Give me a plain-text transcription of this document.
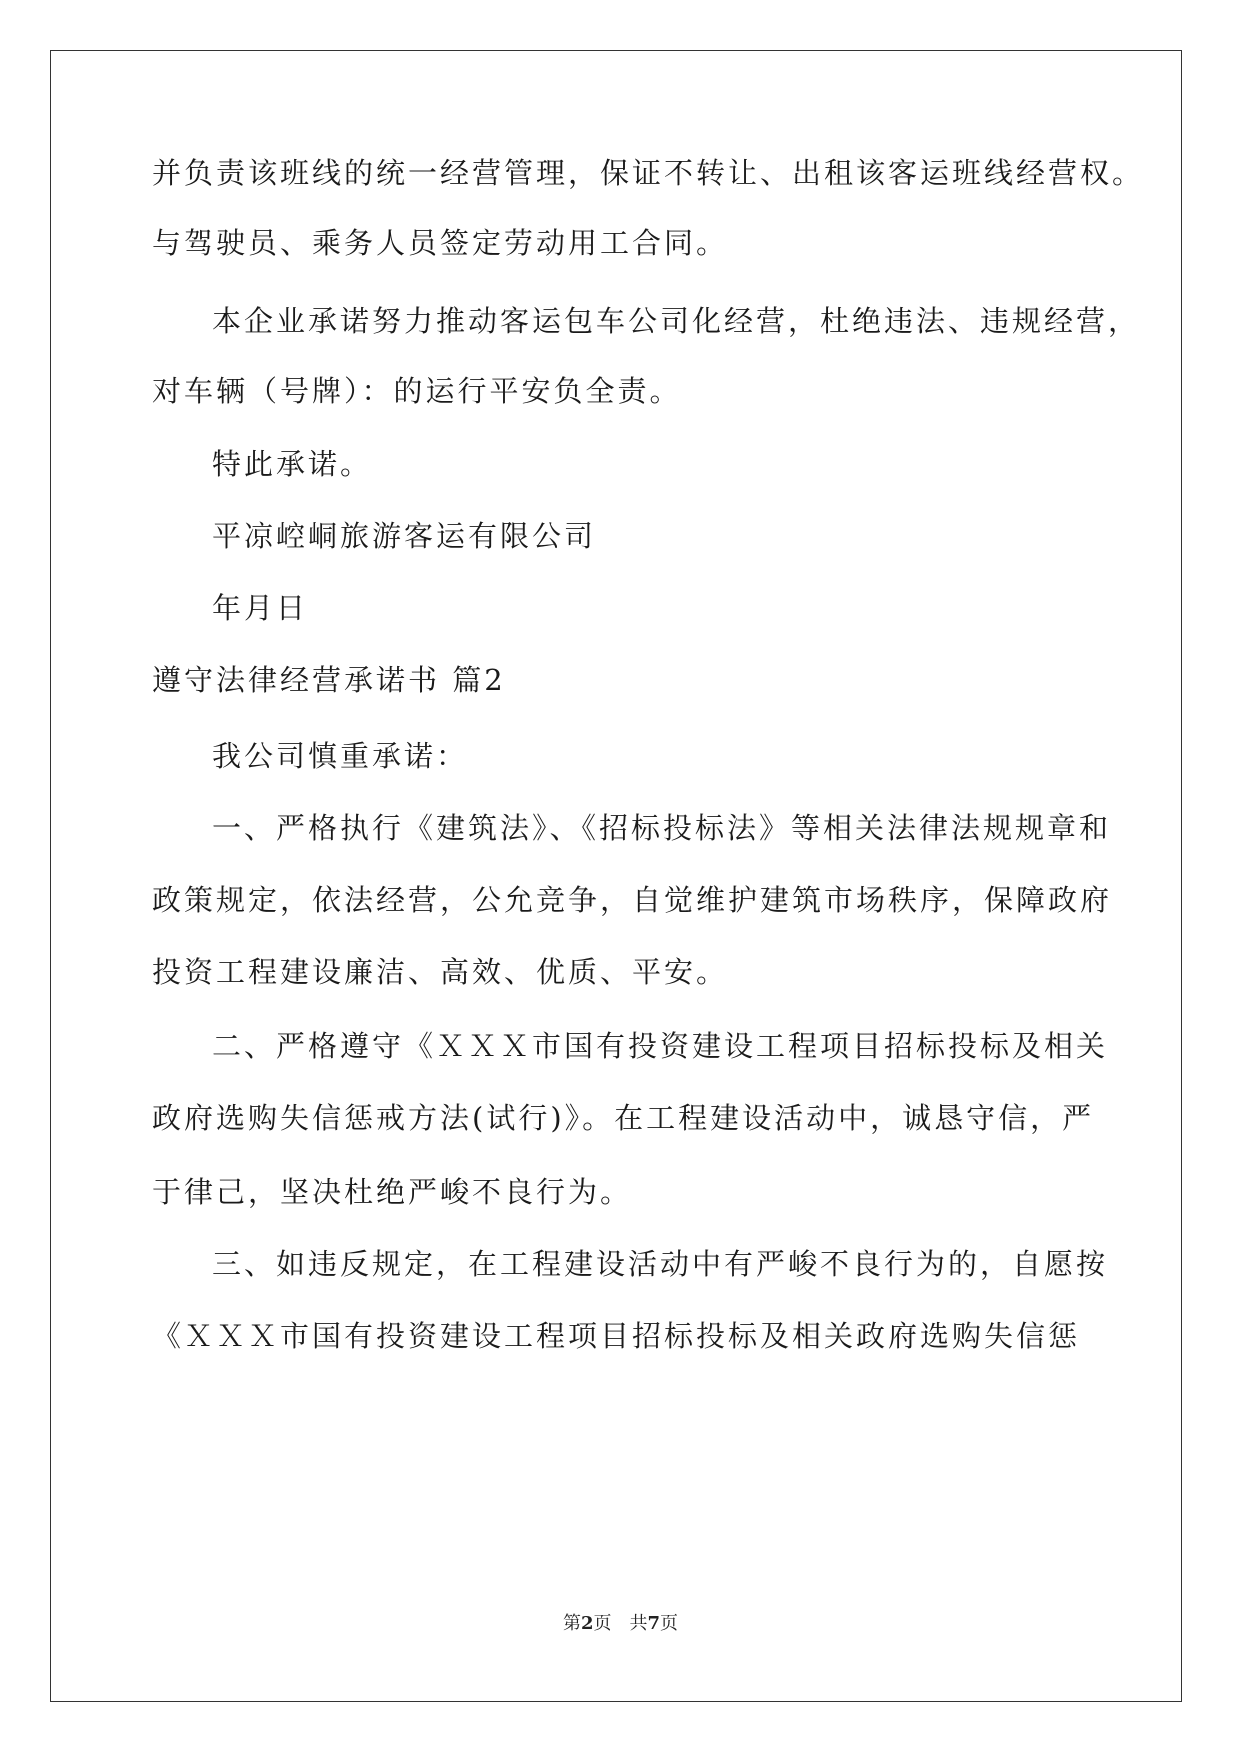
并负责该班线的统一经营管理，保证不转让、出租该客运班线经营权。
与驾驶员、乘务人员签定劳动用工合同。
本企业承诺努力推动客运包车公司化经营，杜绝违法、违规经营，
对车辆（号牌）：的运行平安负全责。
特此承诺。
平凉崆峒旅游客运有限公司
年月日
遵守法律经营承诺书 篇2
我公司慎重承诺：
一、严格执行《建筑法》、《招标投标法》等相关法律法规规章和
政策规定，依法经营，公允竞争，自觉维护建筑市场秩序，保障政府
投资工程建设廉洁、高效、优质、平安。
二、严格遵守《ＸＸＸ市国有投资建设工程项目招标投标及相关
政府选购失信惩戒方法(试行)》。在工程建设活动中，诚恳守信，严
于律己，坚决杜绝严峻不良行为。
三、如违反规定，在工程建设活动中有严峻不良行为的，自愿按
《ＸＸＸ市国有投资建设工程项目招标投标及相关政府选购失信惩
第2页 共7页
